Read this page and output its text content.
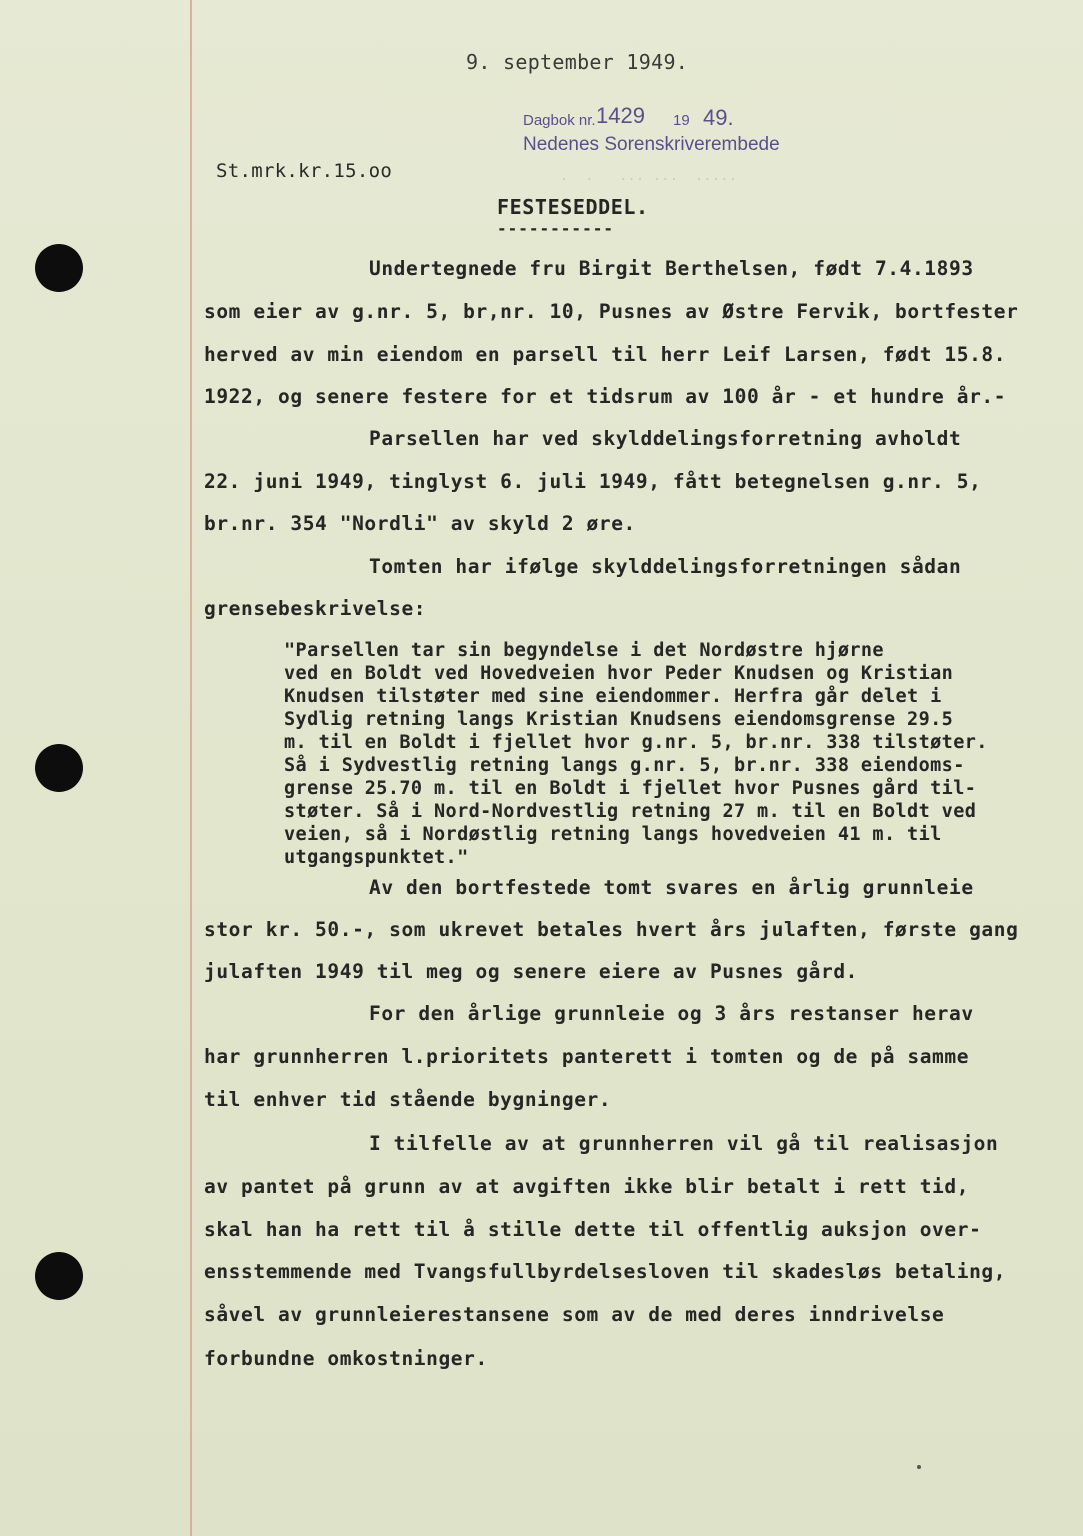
9. september 1949.
Dagbok nr. 1429 19 49.
Nedenes Sorenskriverembede
St.mrk.kr.15.oo	.  .   ... ...  .....
FESTESEDDEL.
-----------
Undertegnede fru Birgit Berthelsen, født 7.4.1893
som eier av g.nr. 5, br,nr. 10, Pusnes av Østre Fervik, bortfester
herved av min eiendom en parsell til herr Leif Larsen, født 15.8.
1922, og senere festere for et tidsrum av 100 år - et hundre år.-
Parsellen har ved skylddelingsforretning avholdt
22. juni 1949, tinglyst 6. juli 1949, fått betegnelsen g.nr. 5,
br.nr. 354 "Nordli" av skyld 2 øre.
Tomten har ifølge skylddelingsforretningen sådan
grensebeskrivelse:
"Parsellen tar sin begyndelse i det Nordøstre hjørne
ved en Boldt ved Hovedveien hvor Peder Knudsen og Kristian
Knudsen tilstøter med sine eiendommer. Herfra går delet i
Sydlig retning langs Kristian Knudsens eiendomsgrense 29.5
m. til en Boldt i fjellet hvor g.nr. 5, br.nr. 338 tilstøter.
Så i Sydvestlig retning langs g.nr. 5, br.nr. 338 eiendoms-
grense 25.70 m. til en Boldt i fjellet hvor Pusnes gård til-
støter. Så i Nord-Nordvestlig retning 27 m. til en Boldt ved
veien, så i Nordøstlig retning langs hovedveien 41 m. til
utgangspunktet."
Av den bortfestede tomt svares en årlig grunnleie
stor kr. 50.-, som ukrevet betales hvert års julaften, første gang
julaften 1949 til meg og senere eiere av Pusnes gård.
For den årlige grunnleie og 3 års restanser herav
har grunnherren l.prioritets panterett i tomten og de på samme
til enhver tid stående bygninger.
I tilfelle av at grunnherren vil gå til realisasjon
av pantet på grunn av at avgiften ikke blir betalt i rett tid,
skal han ha rett til å stille dette til offentlig auksjon over-
ensstemmende med Tvangsfullbyrdelsesloven til skadesløs betaling,
såvel av grunnleierestansene som av de med deres inndrivelse
forbundne omkostninger.
